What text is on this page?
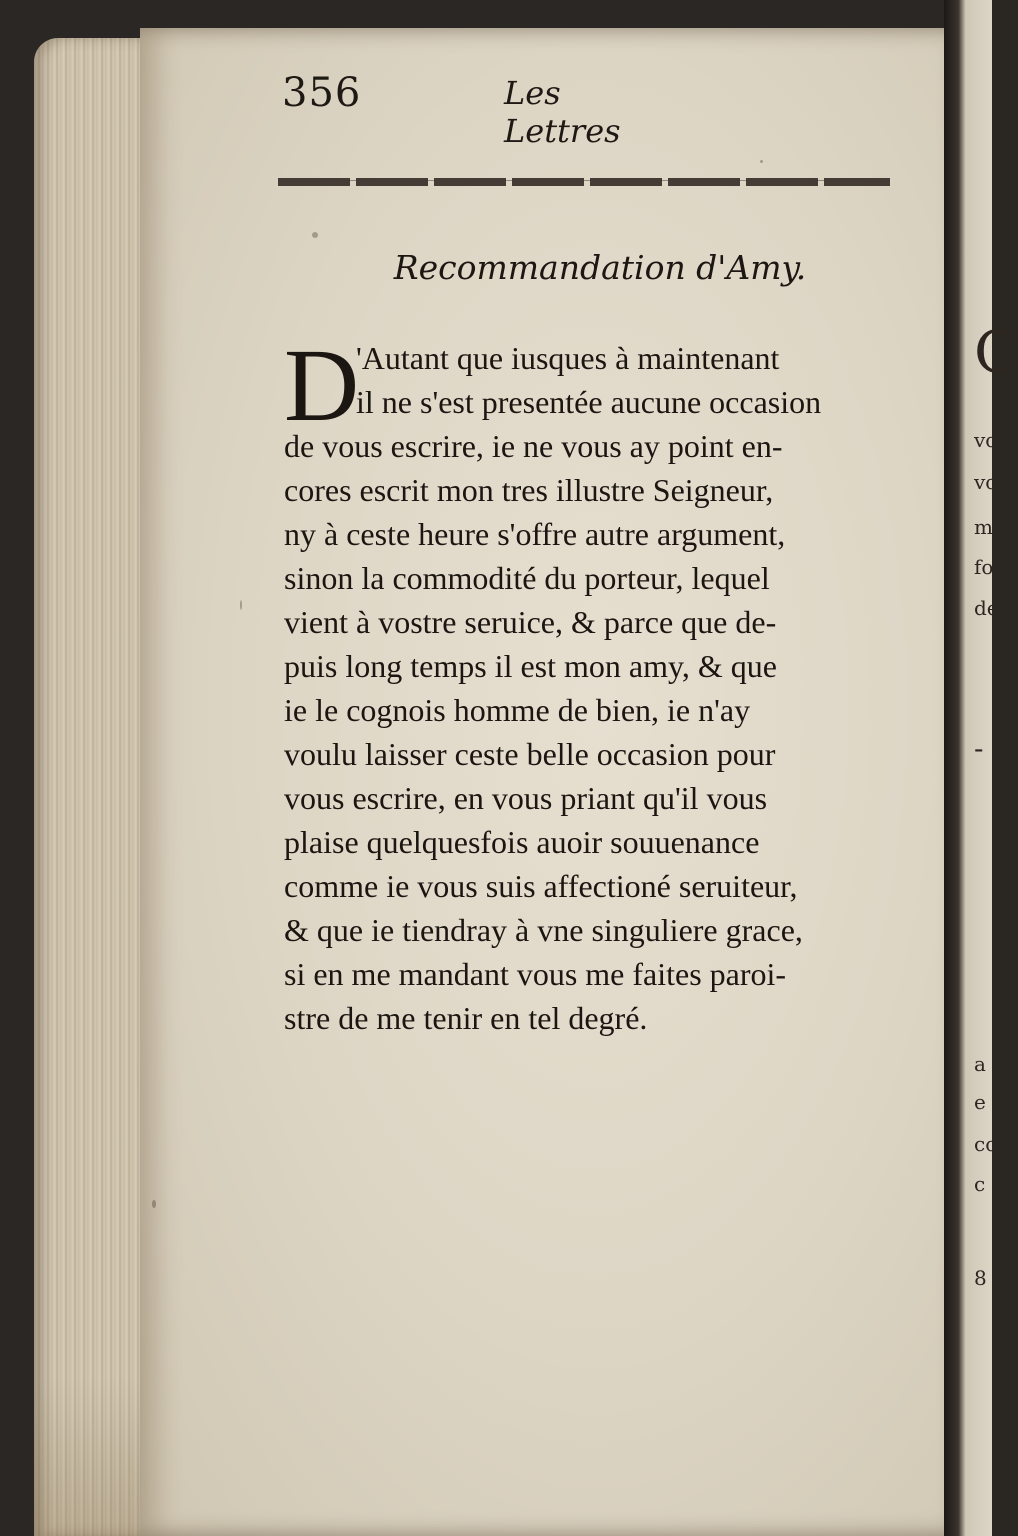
C
vo
vo
m'
fo
de
-
a
e
co
c
8
356	Les Lettres
Recommandation d'Amy.
D
'Autant que iusques à maintenant
il ne s'est presentée aucune occasion
de vous escrire, ie ne vous ay point en-
cores escrit mon tres illustre Seigneur,
ny à ceste heure s'offre autre argument,
sinon la commodité du porteur, lequel
vient à vostre seruice, & parce que de-
puis long temps il est mon amy, & que
ie le cognois homme de bien, ie n'ay
voulu laisser ceste belle occasion pour
vous escrire, en vous priant qu'il vous
plaise quelquesfois auoir souuenance
comme ie vous suis affectioné seruiteur,
& que ie tiendray à vne singuliere grace,
si en me mandant vous me faites paroi-
stre de me tenir en tel degré.
